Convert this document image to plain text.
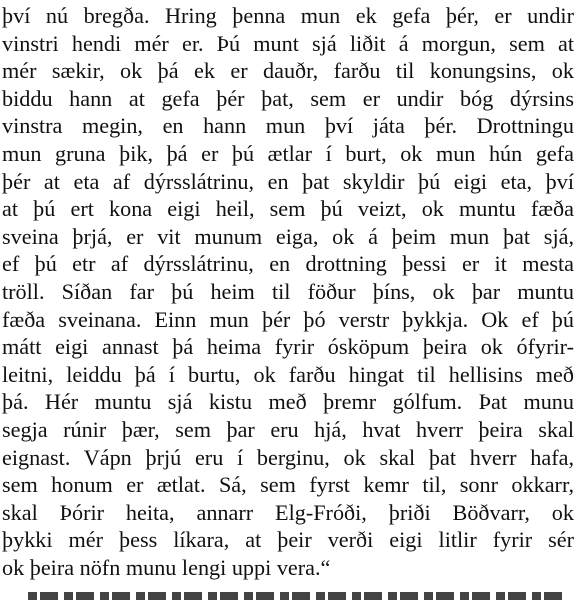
því nú bregða. Hring þenna mun ek gefa þér, er undir
vinstri hendi mér er. Þú munt sjá liðit á morgun, sem at
mér sækir, ok þá ek er dauðr, farðu til konungsins, ok
biddu hann at gefa þér þat, sem er undir bóg dýrsins
vinstra megin, en hann mun því játa þér. Drottningu
mun gruna þik, þá er þú ætlar í burt, ok mun hún gefa
þér at eta af dýrsslátrinu, en þat skyldir þú eigi eta, því
at þú ert kona eigi heil, sem þú veizt, ok muntu fæða
sveina þrjá, er vit munum eiga, ok á þeim mun þat sjá,
ef þú etr af dýrsslátrinu, en drottning þessi er it mesta
tröll. Síðan far þú heim til föður þíns, ok þar muntu
fæða sveinana. Einn mun þér þó verstr þykkja. Ok ef þú
mátt eigi annast þá heima fyrir ósköpum þeira ok ófyrir-
leitni, leiddu þá í burtu, ok farðu hingat til hellisins með
þá. Hér muntu sjá kistu með þremr gólfum. Þat munu
segja rúnir þær, sem þar eru hjá, hvat hverr þeira skal
eignast. Vápn þrjú eru í berginu, ok skal þat hverr hafa,
sem honum er ætlat. Sá, sem fyrst kemr til, sonr okkarr,
skal Þórir heita, annarr Elg-Fróði, þriði Böðvarr, ok
þykki mér þess líkara, at þeir verði eigi litlir fyrir sér
ok þeira nöfn munu lengi uppi vera.“
